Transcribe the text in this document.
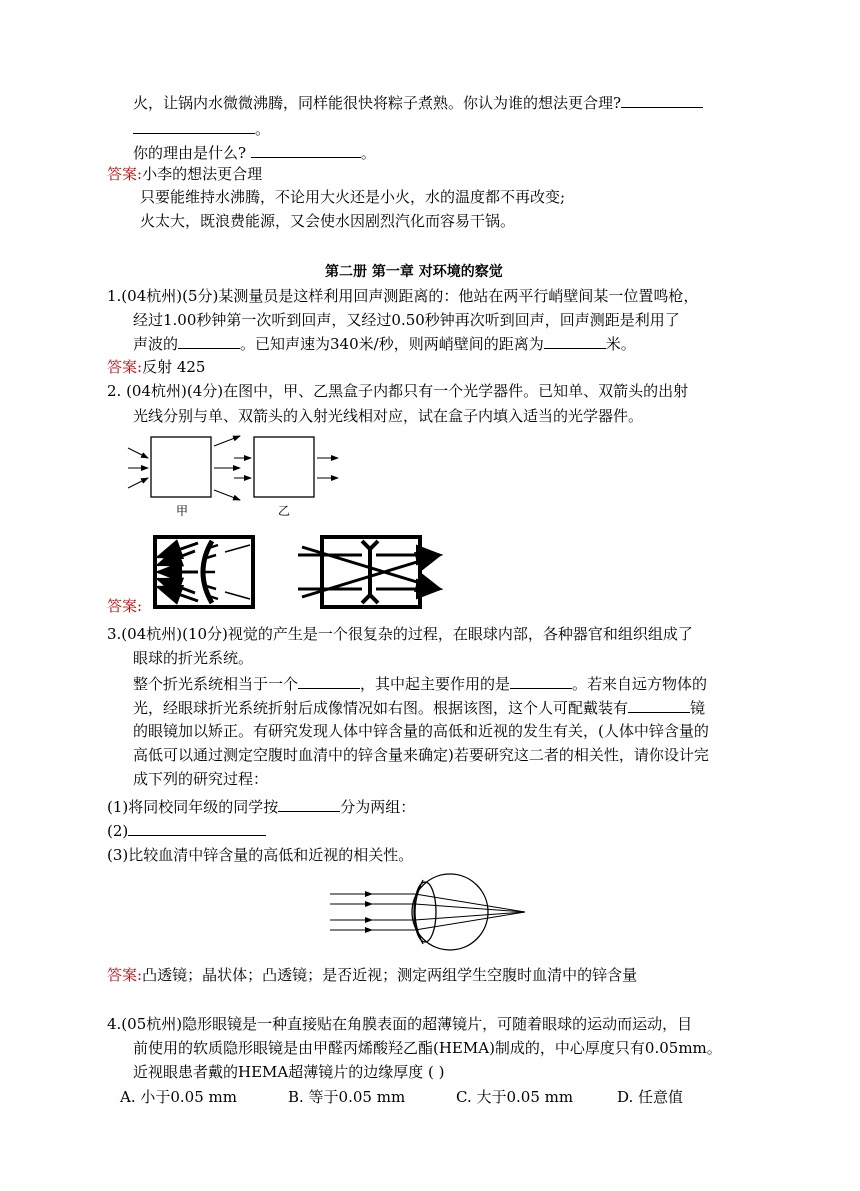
火，让锅内水微微沸腾，同样能很快将粽子煮熟。你认为谁的想法更合理?
。
你的理由是什么?	。
答案:小李的想法更合理
只要能维持水沸腾，不论用大火还是小火，水的温度都不再改变;
火太大，既浪费能源，又会使水因剧烈汽化而容易干锅。
第二册 第一章 对环境的察觉
1.(04杭州)(5分)某测量员是这样利用回声测距离的：他站在两平行峭壁间某一位置鸣枪，
经过1.00秒钟第一次听到回声，又经过0.50秒钟再次听到回声，回声测距是利用了
声波的	。已知声速为340米/秒，则两峭壁间的距离为	米。
答案:反射 425
2. (04杭州)(4分)在图中，甲、乙黑盒子内都只有一个光学器件。已知单、双箭头的出射
光线分别与单、双箭头的入射光线相对应，试在盒子内填入适当的光学器件。
甲	乙
答案:
3.(04杭州)(10分)视觉的产生是一个很复杂的过程，在眼球内部，各种器官和组织组成了
眼球的折光系统。
整个折光系统相当于一个	，其中起主要作用的是	。若来自远方物体的
光，经眼球折光系统折射后成像情况如右图。根据该图，这个人可配戴装有	镜
的眼镜加以矫正。有研究发现人体中锌含量的高低和近视的发生有关，(人体中锌含量的
高低可以通过测定空腹时血清中的锌含量来确定)若要研究这二者的相关性，请你设计完
成下列的研究过程：
(1)将同校同年级的同学按	分为两组：
(2)
(3)比较血清中锌含量的高低和近视的相关性。
答案:凸透镜；晶状体；凸透镜；是否近视；测定两组学生空腹时血清中的锌含量
4.(05杭州)隐形眼镜是一种直接贴在角膜表面的超薄镜片，可随着眼球的运动而运动，目
前使用的软质隐形眼镜是由甲醛丙烯酸羟乙酯(HEMA)制成的，中心厚度只有0.05mm。
近视眼患者戴的HEMA超薄镜片的边缘厚度 ( )
A. 小于0.05 mm	B. 等于0.05 mm	C. 大于0.05 mm	D. 任意值
